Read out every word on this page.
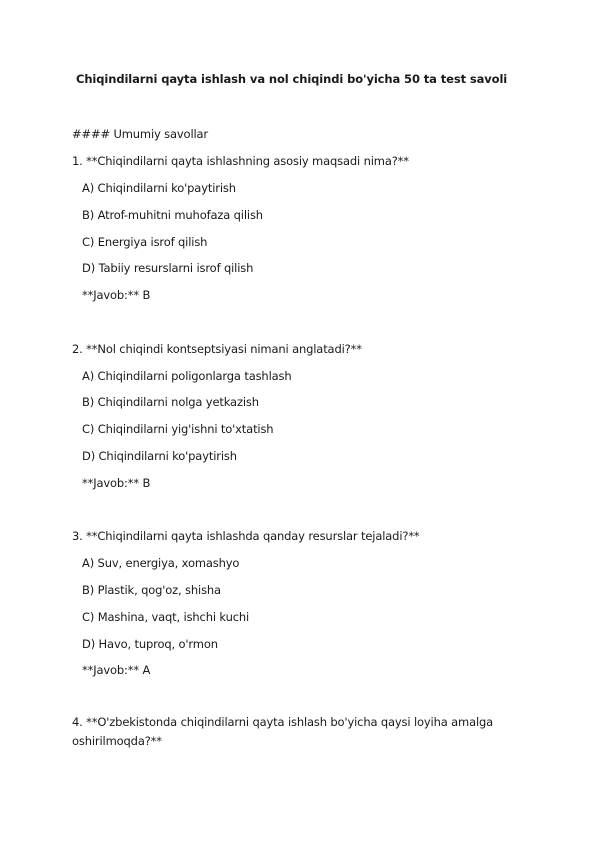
Chiqindilarni qayta ishlash va nol chiqindi bo'yicha 50 ta test savoli
#### Umumiy savollar
1. **Chiqindilarni qayta ishlashning asosiy maqsadi nima?**
A) Chiqindilarni ko'paytirish
B) Atrof-muhitni muhofaza qilish
C) Energiya isrof qilish
D) Tabiiy resurslarni isrof qilish
**Javob:** B
2. **Nol chiqindi kontseptsiyasi nimani anglatadi?**
A) Chiqindilarni poligonlarga tashlash
B) Chiqindilarni nolga yetkazish
C) Chiqindilarni yig'ishni to'xtatish
D) Chiqindilarni ko'paytirish
**Javob:** B
3. **Chiqindilarni qayta ishlashda qanday resurslar tejaladi?**
A) Suv, energiya, xomashyo
B) Plastik, qog'oz, shisha
C) Mashina, vaqt, ishchi kuchi
D) Havo, tuproq, o'rmon
**Javob:** A
4. **O'zbekistonda chiqindilarni qayta ishlash bo'yicha qaysi loyiha amalga oshirilmoqda?**
